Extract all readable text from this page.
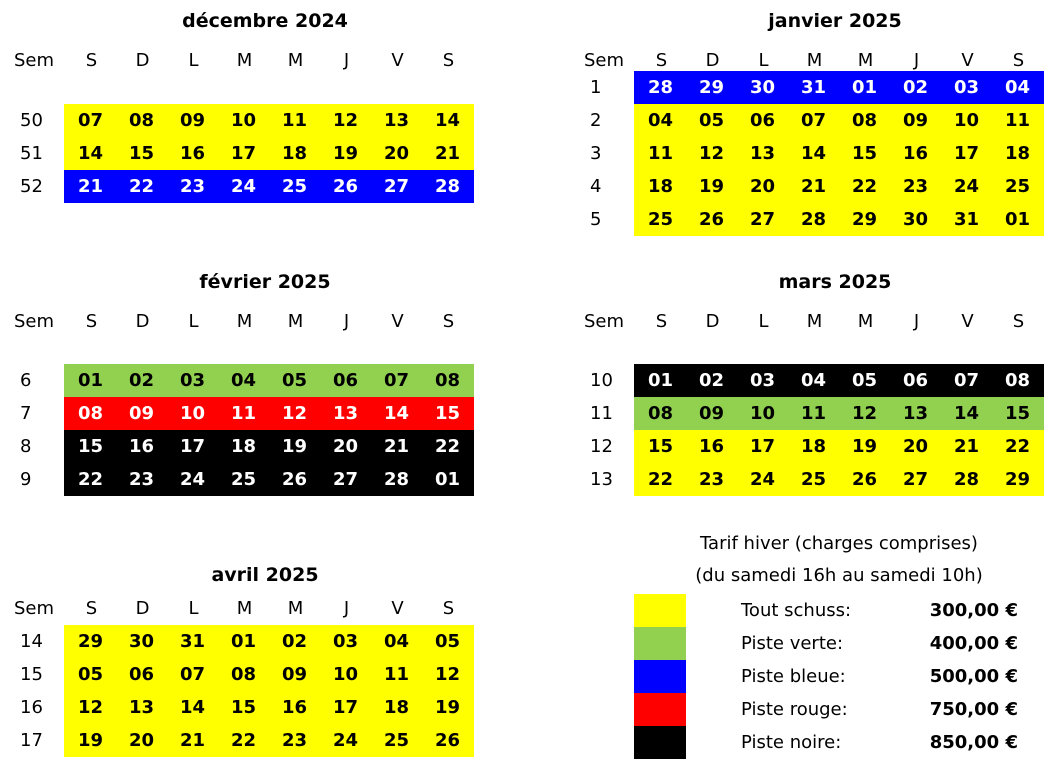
décembre 2024
Sem	S	D	L	M	M	J	V	S
50	07	08	09	10	11	12	13	14
51	14	15	16	17	18	19	20	21
52	21	22	23	24	25	26	27	28
janvier 2025
Sem	S	D	L	M	M	J	V	S
1	28	29	30	31	01	02	03	04
2	04	05	06	07	08	09	10	11
3	11	12	13	14	15	16	17	18
4	18	19	20	21	22	23	24	25
5	25	26	27	28	29	30	31	01
février 2025
Sem	S	D	L	M	M	J	V	S
6	01	02	03	04	05	06	07	08
7	08	09	10	11	12	13	14	15
8	15	16	17	18	19	20	21	22
9	22	23	24	25	26	27	28	01
mars 2025
Sem	S	D	L	M	M	J	V	S
10	01	02	03	04	05	06	07	08
11	08	09	10	11	12	13	14	15
12	15	16	17	18	19	20	21	22
13	22	23	24	25	26	27	28	29
avril 2025
Sem	S	D	L	M	M	J	V	S
14	29	30	31	01	02	03	04	05
15	05	06	07	08	09	10	11	12
16	12	13	14	15	16	17	18	19
17	19	20	21	22	23	24	25	26
Tarif hiver (charges comprises)
(du samedi 16h au samedi 10h)
Tout schuss:	300,00 €
Piste verte:	400,00 €
Piste bleue:	500,00 €
Piste rouge:	750,00 €
Piste noire:	850,00 €
